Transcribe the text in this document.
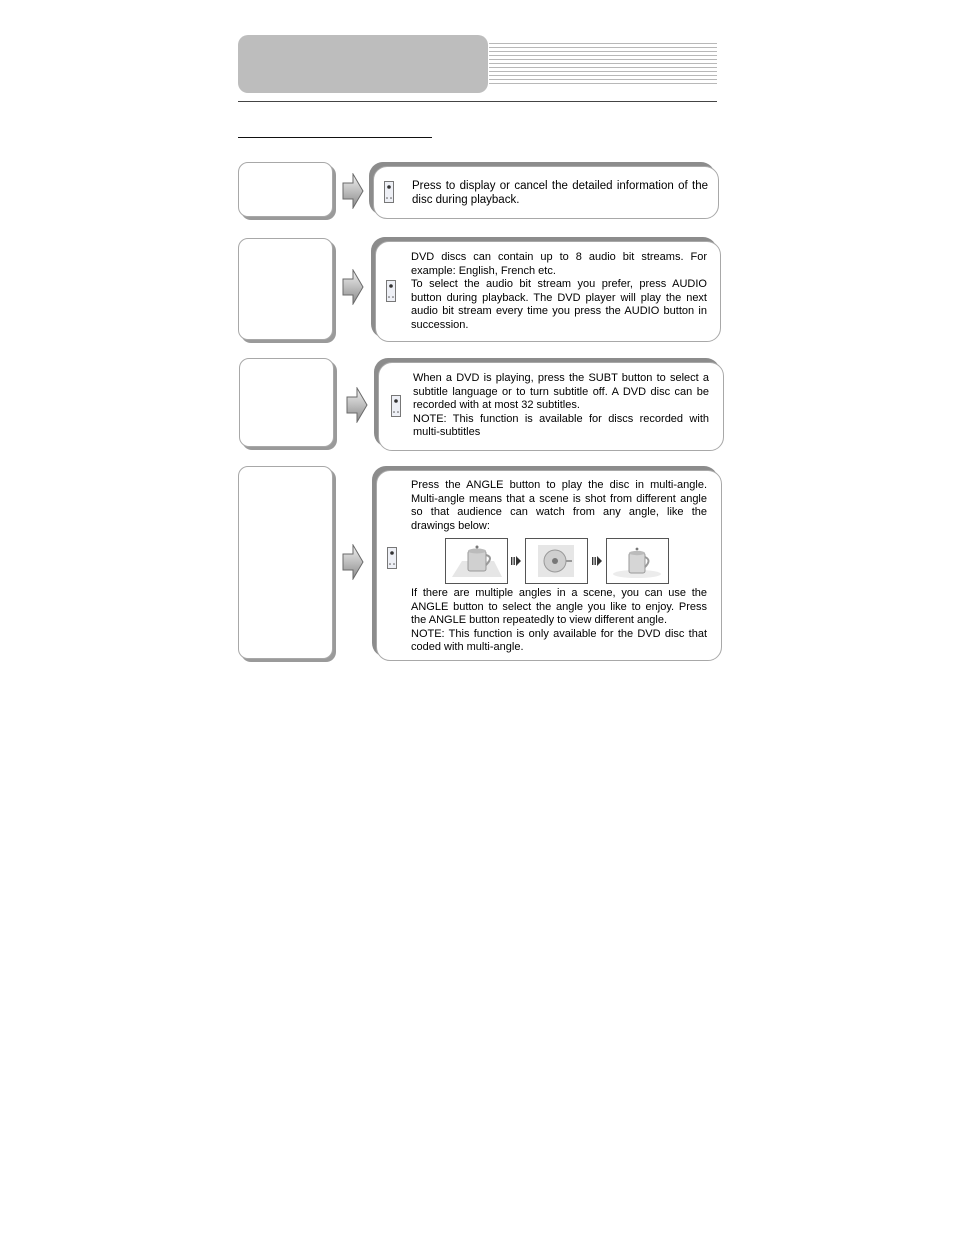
Press to display or cancel the detailed information of the disc during playback.

DVD discs can contain up to 8 audio bit streams. For example: English, French etc.

To select the audio bit stream you prefer, press AUDIO button during playback. The DVD player will play the next audio bit stream every time you press the AUDIO button in succession.

When a DVD is playing, press the SUBT button to select a subtitle language or to turn subtitle off. A DVD disc can be recorded with at most 32 subtitles.

NOTE: This function is available for discs recorded with multi-subtitles

Press the ANGLE button to play the disc in multi-angle. Multi-angle means that a scene is shot from different angle so that audience can watch from any angle, like the drawings below:

If there are multiple angles in a scene, you can use the ANGLE button to select the angle you like to enjoy. Press the ANGLE button repeatedly to view different angle.

NOTE: This function is only available for the DVD disc that coded with multi-angle.
